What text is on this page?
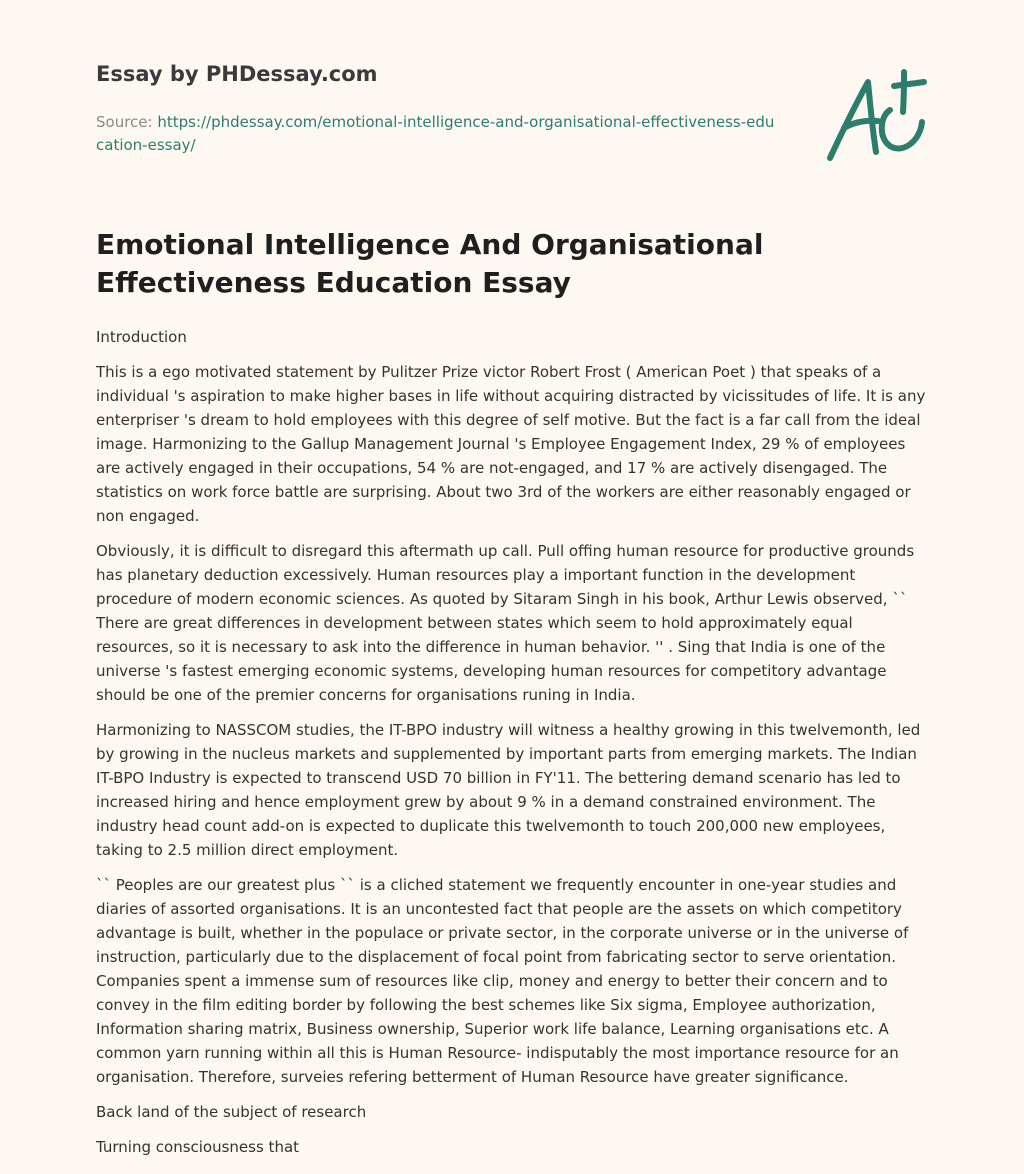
Essay by PHDessay.com

Source: https://phdessay.com/emotional-intelligence-and-organisational-effectiveness-education-essay/

Emotional Intelligence And Organisational Effectiveness Education Essay

Introduction

This is a ego motivated statement by Pulitzer Prize victor Robert Frost ( American Poet ) that speaks of a individual 's aspiration to make higher bases in life without acquiring distracted by vicissitudes of life. It is any enterpriser 's dream to hold employees with this degree of self motive. But the fact is a far call from the ideal image. Harmonizing to the Gallup Management Journal 's Employee Engagement Index, 29 % of employees are actively engaged in their occupations, 54 % are not-engaged, and 17 % are actively disengaged. The statistics on work force battle are surprising. About two 3rd of the workers are either reasonably engaged or non engaged.

Obviously, it is difficult to disregard this aftermath up call. Pull offing human resource for productive grounds has planetary deduction excessively. Human resources play a important function in the development procedure of modern economic sciences. As quoted by Sitaram Singh in his book, Arthur Lewis observed, `` There are great differences in development between states which seem to hold approximately equal resources, so it is necessary to ask into the difference in human behavior. '' . Sing that India is one of the universe 's fastest emerging economic systems, developing human resources for competitory advantage should be one of the premier concerns for organisations runing in India.

Harmonizing to NASSCOM studies, the IT-BPO industry will witness a healthy growing in this twelvemonth, led by growing in the nucleus markets and supplemented by important parts from emerging markets. The Indian IT-BPO Industry is expected to transcend USD 70 billion in FY'11. The bettering demand scenario has led to increased hiring and hence employment grew by about 9 % in a demand constrained environment. The industry head count add-on is expected to duplicate this twelvemonth to touch 200,000 new employees, taking to 2.5 million direct employment.

`` Peoples are our greatest plus `` is a cliched statement we frequently encounter in one-year studies and diaries of assorted organisations. It is an uncontested fact that people are the assets on which competitory advantage is built, whether in the populace or private sector, in the corporate universe or in the universe of instruction, particularly due to the displacement of focal point from fabricating sector to serve orientation. Companies spent a immense sum of resources like clip, money and energy to better their concern and to convey in the film editing border by following the best schemes like Six sigma, Employee authorization, Information sharing matrix, Business ownership, Superior work life balance, Learning organisations etc. A common yarn running within all this is Human Resource- indisputably the most importance resource for an organisation. Therefore, surveies refering betterment of Human Resource have greater significance.

Back land of the subject of research

Turning consciousness that
